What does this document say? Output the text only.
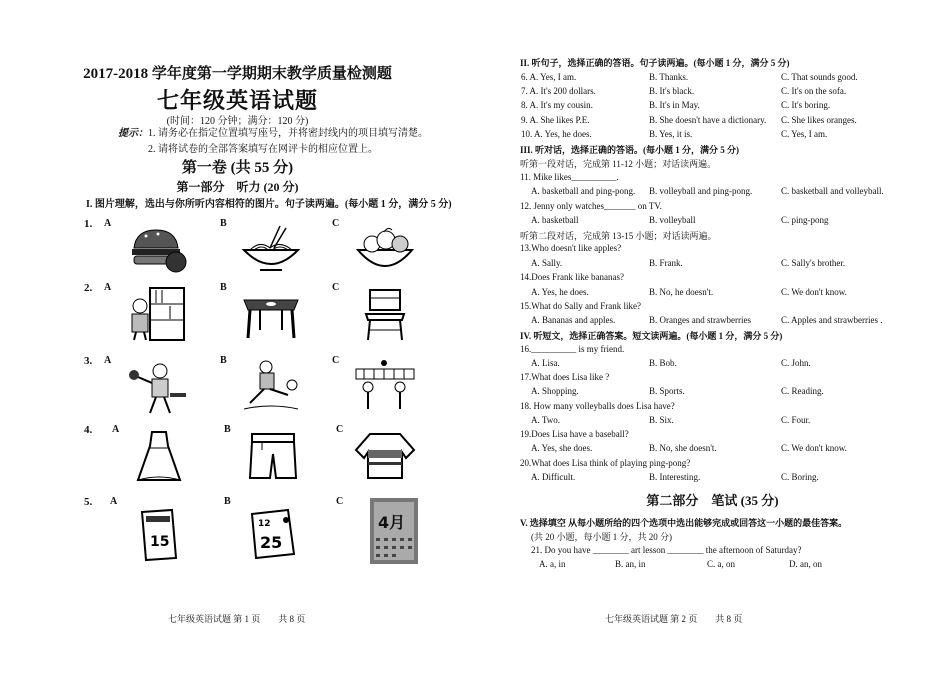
2017-2018 学年度第一学期期末教学质量检测题
七年级英语试题
(时间：120 分钟；满分：120 分)
提示：1. 请务必在指定位置填写座号，并将密封线内的项目填写清楚。
2. 请将试卷的全部答案填写在网评卡的相应位置上。
第一卷 (共 55 分)
第一部分　听力 (20 分)
I. 图片理解，选出与你所听内容相符的图片。句子读两遍。(每小题 1 分，满分 5 分)
1. A	B	C
2. A	B	C
3. A	B	C
4. A	B	C
5. A	B	C
15
12
25
4月
七年级英语试题 第 1 页　　共 8 页
II. 听句子，选择正确的答语。句子读两遍。(每小题 1 分，满分 5 分)
6. A. Yes, I am.	B. Thanks.	C. That sounds good.
7. A. It's 200 dollars.	B. It's black.	C. It's on the sofa.
8. A. It's my cousin.	B. It's in May.	C. It's boring.
9. A. She likes P.E.	B. She doesn't have a dictionary. C. She likes oranges.
10. A. Yes, he does.	B. Yes, it is.	C. Yes, I am.
III. 听对话，选择正确的答语。(每小题 1 分，满分 5 分)
听第一段对话，完成第 11-12 小题；对话读两遍。
11. Mike likes__________.
A. basketball and ping-pong. B. volleyball and ping-pong.	C. basketball and volleyball.
12. Jenny only watches_______ on TV.
A. basketball	B. volleyball	C. ping-pong
听第二段对话，完成第 13-15 小题；对话读两遍。
13.Who doesn't like apples?
A. Sally.	B. Frank.	C. Sally's brother.
14.Does Frank like bananas?
A. Yes, he does.	B. No, he doesn't.	C. We don't know.
15.What do Sally and Frank like?
A. Bananas and apples.	B. Oranges and strawberries	C. Apples and strawberries .
IV. 听短文，选择正确答案。短文读两遍。(每小题 1 分，满分 5 分)
16.__________ is my friend.
A. Lisa.	B. Bob.	C. John.
17.What does Lisa like ?
A. Shopping.	B. Sports.	C. Reading.
18. How many volleyballs does Lisa have?
A. Two.	B. Six.	C. Four.
19.Does Lisa have a baseball?
A. Yes, she does.	B. No, she doesn't.	C. We don't know.
20.What does Lisa think of playing ping-pong?
A. Difficult.	B. Interesting.	C. Boring.
第二部分　笔试 (35 分)
V. 选择填空 从每小题所给的四个选项中选出能够完成或回答这一小题的最佳答案。
(共 20 小题，每小题 1 分，共 20 分)
21. Do you have ________ art lesson ________ the afternoon of Saturday?
A. a, in	B. an, in	C. a, on	D. an, on
七年级英语试题 第 2 页　　共 8 页
